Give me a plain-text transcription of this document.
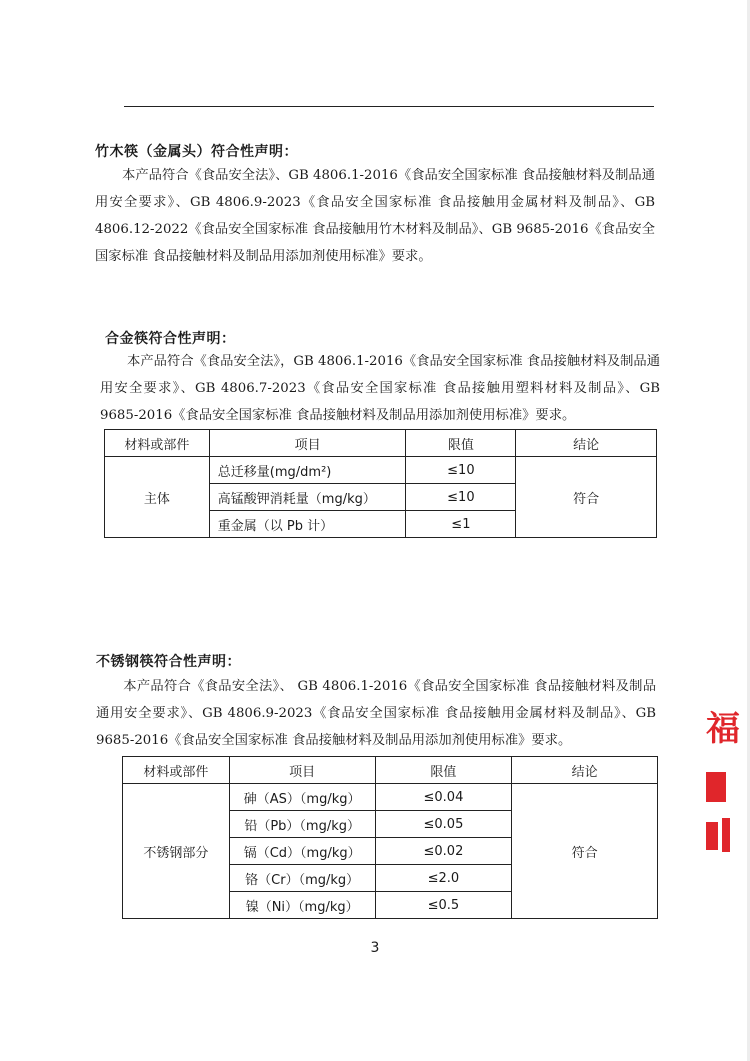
竹木筷（金属头）符合性声明：
本产品符合《食品安全法》、GB 4806.1-2016《食品安全国家标准 食品接触材料及制品通用安全要求》、GB 4806.9-2023《食品安全国家标准 食品接触用金属材料及制品》、GB 4806.12-2022《食品安全国家标准 食品接触用竹木材料及制品》、GB 9685-2016《食品安全国家标准 食品接触材料及制品用添加剂使用标准》要求。
合金筷符合性声明：
本产品符合《食品安全法》，GB 4806.1-2016《食品安全国家标准 食品接触材料及制品通用安全要求》、GB 4806.7-2023《食品安全国家标准 食品接触用塑料材料及制品》、GB 9685-2016《食品安全国家标准 食品接触材料及制品用添加剂使用标准》要求。
材料或部件	项目	限值	结论
主体	总迁移量(mg/dm²)	≤10	符合
	高锰酸钾消耗量（mg/kg）	≤10	
	重金属（以 Pb 计）	≤1	
不锈钢筷符合性声明：
本产品符合《食品安全法》、 GB 4806.1-2016《食品安全国家标准 食品接触材料及制品通用安全要求》、GB 4806.9-2023《食品安全国家标准 食品接触用金属材料及制品》、GB 9685-2016《食品安全国家标准 食品接触材料及制品用添加剂使用标准》要求。
材料或部件	项目	限值	结论
不锈钢部分	砷（AS）（mg/kg）	≤0.04	符合
	铅（Pb）（mg/kg）	≤0.05	
	镉（Cd）（mg/kg）	≤0.02	
	铬（Cr）（mg/kg）	≤2.0	
	镍（Ni）（mg/kg）	≤0.5	
福
3
